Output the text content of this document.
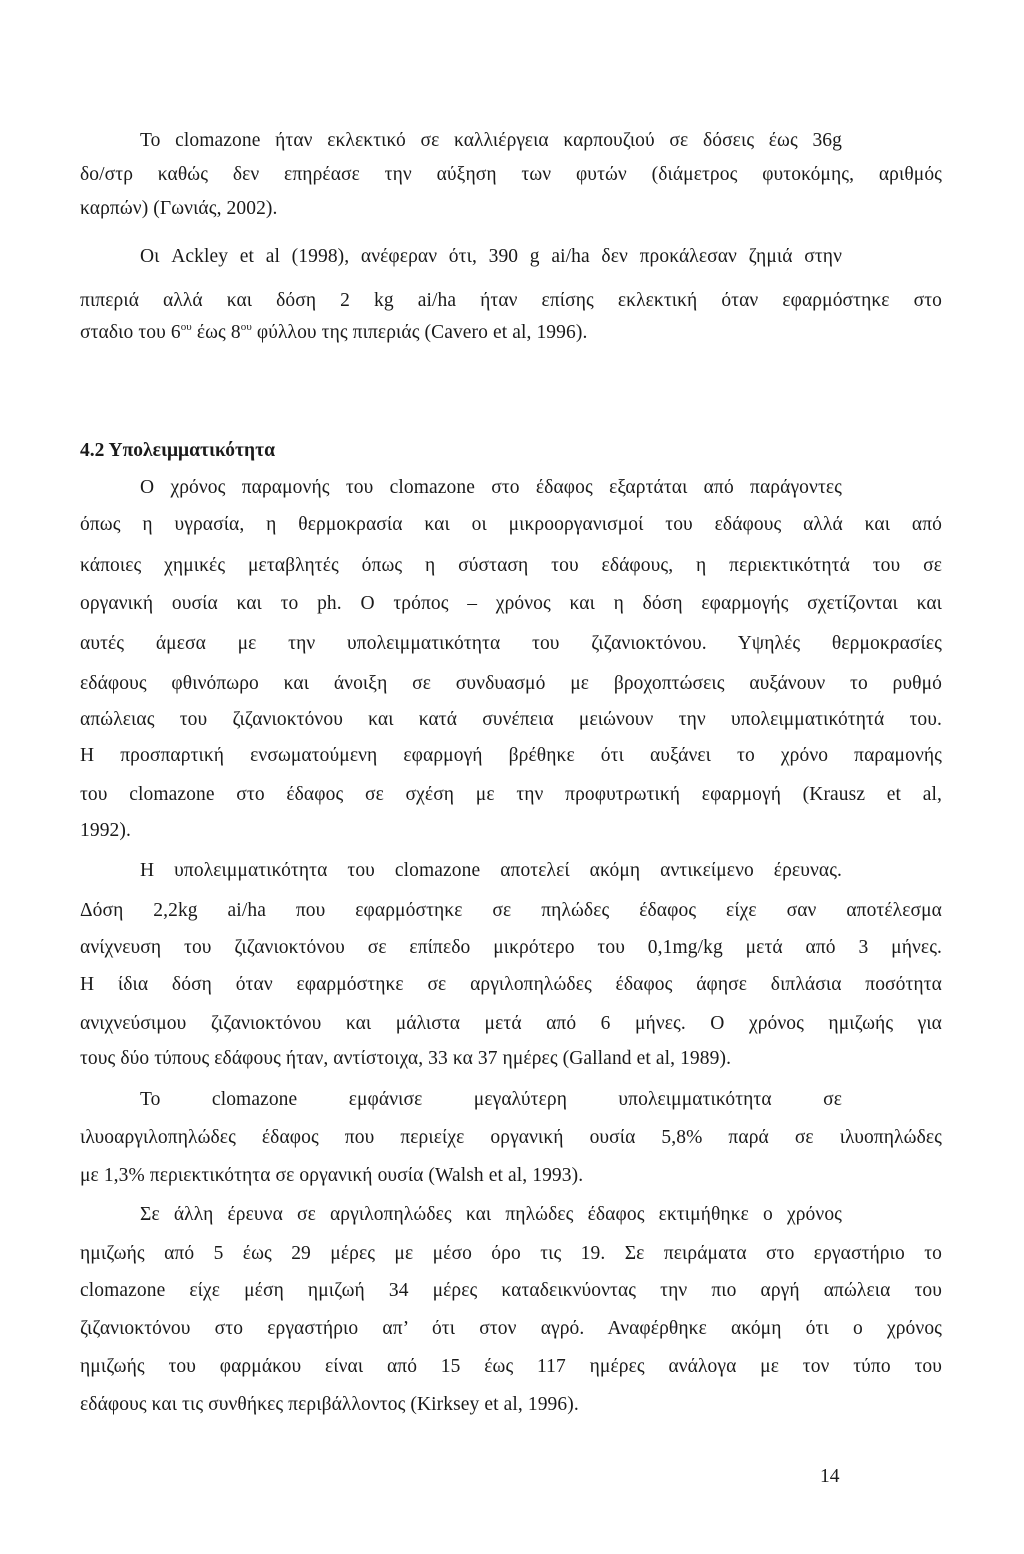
Το clomazone ήταν εκλεκτικό σε καλλιέργεια καρπουζιού σε δόσεις έως 36g
δο/στρ καθώς δεν επηρέασε την αύξηση των φυτών (διάμετρος φυτοκόμης, αριθμός
καρπών) (Γωνιάς, 2002).
Οι Ackley et al (1998), ανέφεραν ότι, 390 g ai/ha δεν προκάλεσαν ζημιά στην
πιπεριά αλλά και δόση 2 kg ai/ha ήταν επίσης εκλεκτική όταν εφαρμόστηκε στο
σταδιο του $6^{o\upsilon}$ έως $8^{o\upsilon}$ φύλλου της πιπεριάς (Cavero et al, 1996).
4.2 Υπολειμματικότητα
Ο χρόνος παραμονής του clomazone στο έδαφος εξαρτάται από παράγοντες
όπως η υγρασία, η θερμοκρασία και οι μικροοργανισμοί του εδάφους αλλά και από
κάποιες χημικές μεταβλητές όπως η σύσταση του εδάφους, η περιεκτικότητά του σε
οργανική ουσία και το ph. Ο τρόπος – χρόνος και η δόση εφαρμογής σχετίζονται και
αυτές άμεσα με την υπολειμματικότητα του ζιζανιοκτόνου. Υψηλές θερμοκρασίες
εδάφους φθινόπωρο και άνοιξη σε συνδυασμό με βροχοπτώσεις αυξάνουν το ρυθμό
απώλειας του ζιζανιοκτόνου και κατά συνέπεια μειώνουν την υπολειμματικότητά του.
Η προσπαρτική ενσωματούμενη εφαρμογή βρέθηκε ότι αυξάνει το χρόνο παραμονής
του clomazone στο έδαφος σε σχέση με την προφυτρωτική εφαρμογή (Krausz et al,
1992).
Η υπολειμματικότητα του clomazone αποτελεί ακόμη αντικείμενο έρευνας.
Δόση 2,2kg ai/ha που εφαρμόστηκε σε πηλώδες έδαφος είχε σαν αποτέλεσμα
ανίχνευση του ζιζανιοκτόνου σε επίπεδο μικρότερο του 0,1mg/kg μετά από 3 μήνες.
Η ίδια δόση όταν εφαρμόστηκε σε αργιλοπηλώδες έδαφος άφησε διπλάσια ποσότητα
ανιχνεύσιμου ζιζανιοκτόνου και μάλιστα μετά από 6 μήνες. Ο χρόνος ημιζωής για
τους δύο τύπους εδάφους ήταν, αντίστοιχα, 33 κα 37 ημέρες (Galland et al, 1989).
Το clomazone εμφάνισε μεγαλύτερη υπολειμματικότητα σε
ιλυοαργιλοπηλώδες έδαφος που περιείχε οργανική ουσία 5,8% παρά σε ιλυοπηλώδες
με 1,3% περιεκτικότητα σε οργανική ουσία (Walsh et al, 1993).
Σε άλλη έρευνα σε αργιλοπηλώδες και πηλώδες έδαφος εκτιμήθηκε ο χρόνος
ημιζωής από 5 έως 29 μέρες με μέσο όρο τις 19. Σε πειράματα στο εργαστήριο το
clomazone είχε μέση ημιζωή 34 μέρες καταδεικνύοντας την πιο αργή απώλεια του
ζιζανιοκτόνου στο εργαστήριο απ’ ότι στον αγρό. Αναφέρθηκε ακόμη ότι ο χρόνος
ημιζωής του φαρμάκου είναι από 15 έως 117 ημέρες ανάλογα με τον τύπο του
εδάφους και τις συνθήκες περιβάλλοντος (Kirksey et al, 1996).
14
